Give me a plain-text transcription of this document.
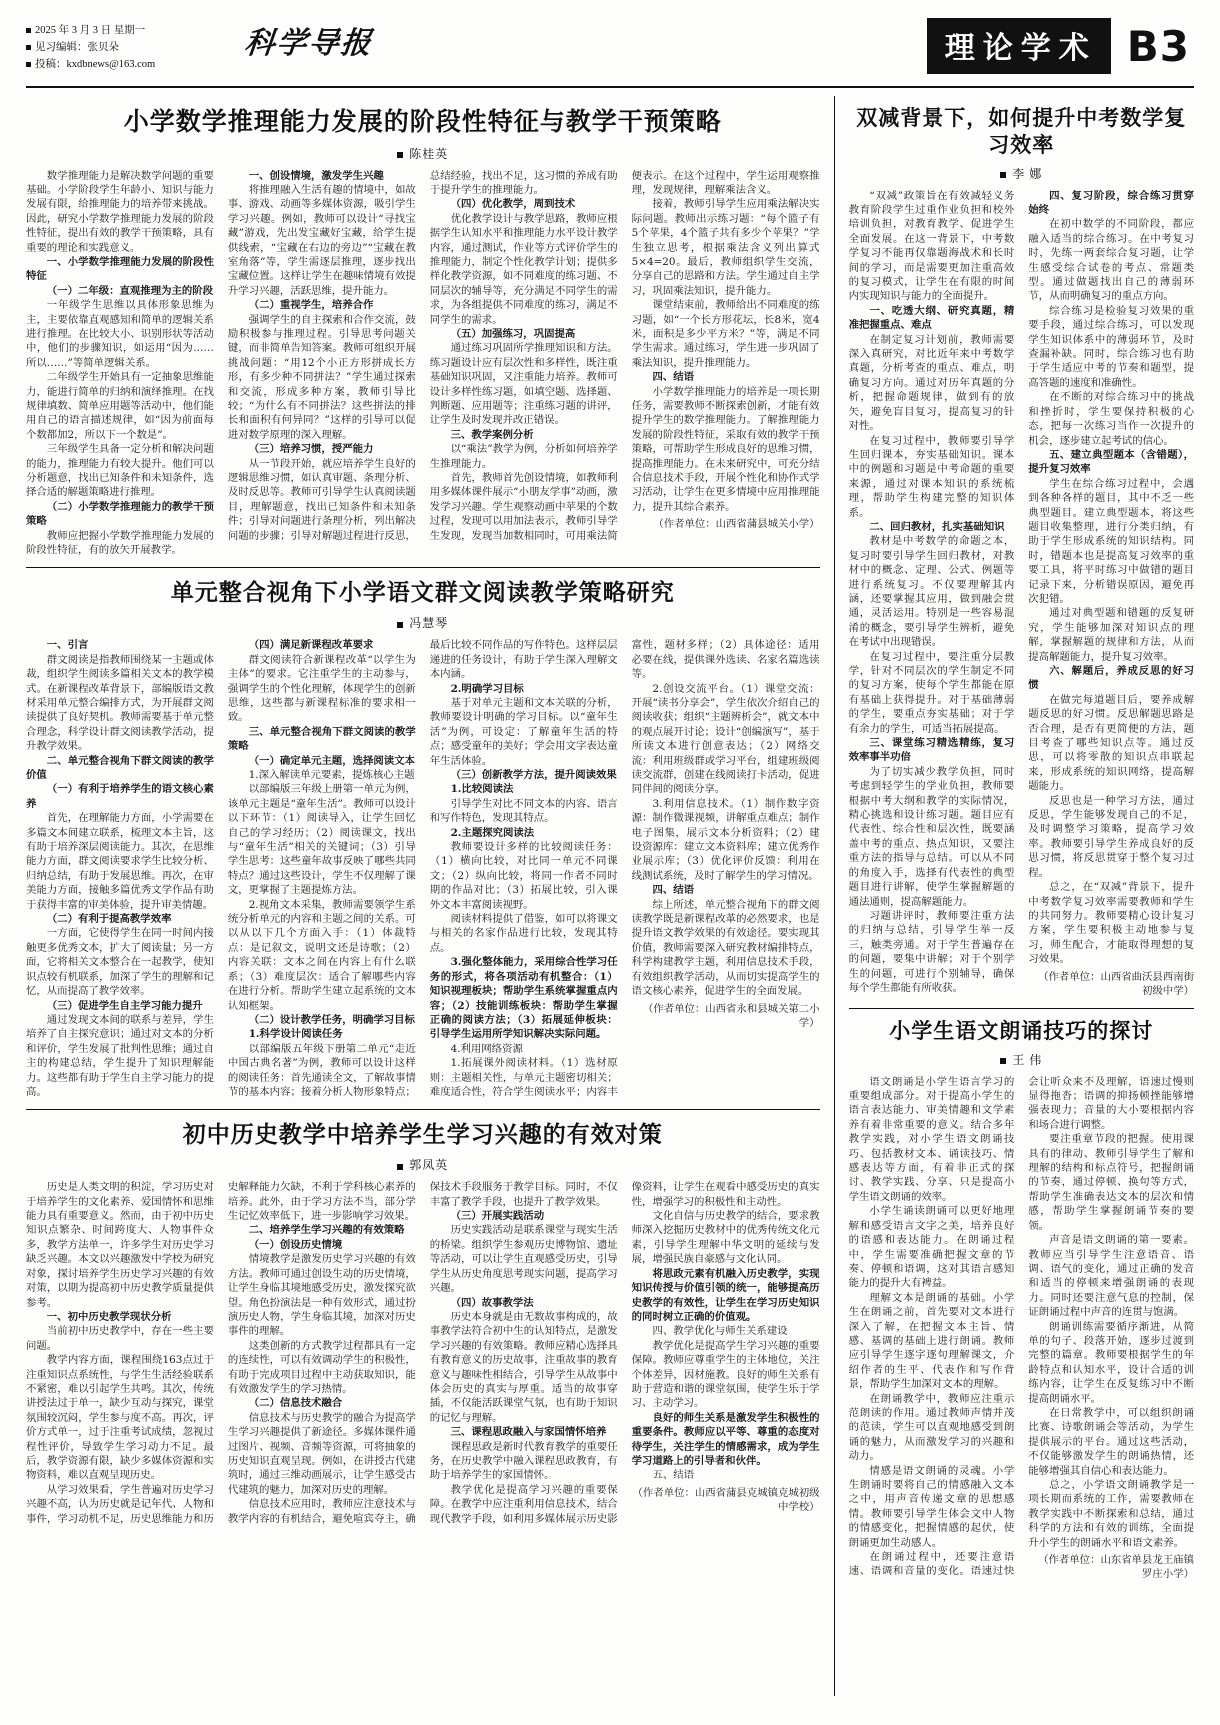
2025 年 3 月 3 日 星期一
见习编辑：张贝朵
投稿：kxdbnews@163.com
科学导报	理论学术 B3
小学数学推理能力发展的阶段性特征与教学干预策略
陈桂英

数学推理能力是解决数学问题的重要基础。小学阶段学生年龄小、知识与能力发展有限，给推理能力的培养带来挑战。因此，研究小学数学推理能力发展的阶段性特征，提出有效的教学干预策略，具有重要的理论和实践意义。

一、小学数学推理能力发展的阶段性特征

（一）二年级：直观推理为主的阶段

一年级学生思维以具体形象思维为主，主要依靠直观感知和简单的逻辑关系进行推理。在比较大小、识别形状等活动中，他们的步骤知识，如运用“因为……所以……”等简单逻辑关系。

二年级学生开始具有一定抽象思维能力，能进行简单的归纳和演绎推理。在找规律填数、简单应用题等活动中，他们能用自己的语言描述规律，如“因为前面每个数都加2，所以下一个数是”。

三年级学生具备一定分析和解决问题的能力，推理能力有较大提升。他们可以分析题意，找出已知条件和未知条件，选择合适的解题策略进行推理。

（二）小学数学推理能力的教学干预策略

教师应把握小学数学推理能力发展的阶段性特征，有的放矢开展教学。

一、创设情境，激发学生兴趣

将推理融入生活有趣的情境中，如故事、游戏、动画等多媒体资源，吸引学生学习兴趣。例如，教师可以设计“寻找宝藏”游戏，先出发宝藏好宝藏，给学生提供线索，“宝藏在右边的旁边”“宝藏在教室角落”等，学生需逐层推理，逐步找出宝藏位置。这样让学生在趣味情境有效提升学习兴趣，活跃思维，提升能力。

（二）重视学生，培养合作

强调学生的自主探索和合作交流，鼓励积极参与推理过程。引导思考问题关键，而非简单告知答案。教师可组织开展挑战问题：“用12个小正方形拼成长方形，有多少种不同拼法？”学生通过探索和交流，形成多种方案，教师引导比较；“为什么有不同拼法？这些拼法的排长和面积有何异同？”这样的引导可以促进对数学原理的深入理解。

（三）培养习惯，授严能力

从一节段开始，就应培养学生良好的逻辑思维习惯，如认真审题、条理分析、及时反思等。教师可引导学生认真阅读题目，理解题意，找出已知条件和未知条件；引导对问题进行条理分析，列出解决问题的步骤；引导对解题过程进行反思，总结经验，找出不足，这习惯的养成有助于提升学生的推理能力。

（四）优化教学，周到技术

优化教学设计与教学思路，教师应根据学生认知水平和推理能力水平设计教学内容，通过测试，作业等方式评价学生的推理能力，制定个性化教学计划；提供多样化教学资源，如不同难度的练习题、不同层次的辅导等，充分满足不同学生的需求，为各组提供不同难度的练习，满足不同学生的需求。

（五）加强练习，巩固提高

通过练习巩固所学推理知识和方法。练习题设计应有层次性和多样性，既注重基础知识巩固，又注重能力培养。教师可设计多样性练习题，如填空题、选择题、判断题、应用题等；注重练习题的讲评，让学生及时发现并改正错误。

三、教学案例分析

以“乘法”教学为例，分析如何培养学生推理能力。

首先，教师首先创设情境，如教师利用多媒体课件展示“小朋友学事”动画，激发学习兴趣。学生观察动画中苹果的个数过程，发现可以用加法表示，教师引导学生发现，发现当加数相同时，可用乘法简便表示。在这个过程中，学生运用观察推理，发现规律，理解乘法含义。

接着，教师引导学生应用乘法解决实际问题。教师出示练习题：“每个篮子有5个苹果，4个篮子共有多少个苹果？”学生独立思考，根据乘法含义列出算式5×4=20。最后，教师组织学生交流，分享自己的思路和方法。学生通过自主学习，巩固乘法知识，提升能力。

课堂结束前，教师给出不同难度的练习题，如“一个长方形花坛，长8米，宽4米，面积是多少平方米？”等，满足不同学生需求。通过练习，学生进一步巩固了乘法知识，提升推理能力。

四、结语

小学数学推理能力的培养是一项长期任务，需要教师不断探索创新，才能有效提升学生的数学推理能力。了解推理能力发展的阶段性特征，采取有效的教学干预策略，可帮助学生形成良好的思维习惯，提高推理能力。在未来研究中，可充分结合信息技术手段，开展个性化和协作式学习活动，让学生在更多情境中应用推理能力，提升其综合素养。

（作者单位：山西省蒲县城关小学）

单元整合视角下小学语文群文阅读教学策略研究
冯慧琴

一、引言

群文阅读是指教师围绕某一主题或体裁，组织学生阅读多篇相关文本的教学模式。在新课程改革背景下，部编版语文教材采用单元整合编排方式，为开展群文阅读提供了良好契机。教师需要基于单元整合理念，科学设计群文阅读教学活动，提升教学效果。

二、单元整合视角下群文阅读的教学价值

（一）有利于培养学生的语文核心素养

首先，在理解能力方面，小学需要在多篇文本间建立联系，梳理文本主旨，这有助于培养深层阅读能力。其次，在思维能力方面，群文阅读要求学生比较分析、归纳总结，有助于发展思维。再次，在审美能力方面，接触多篇优秀文学作品有助于获得丰富的审美体验，提升审美情趣。

（二）有利于提高教学效率

一方面，它使得学生在同一时间内接触更多优秀文本，扩大了阅读量；另一方面，它将相关文本整合在一起教学，使知识点较有机联系，加深了学生的理解和记忆，从而提高了教学效率。

（三）促进学生自主学习能力提升

通过发现文本间的联系与差异，学生培养了自主探究意识；通过对文本的分析和评价，学生发展了批判性思维；通过自主的构建总结，学生提升了知识理解能力。这些都有助于学生自主学习能力的提高。

（四）满足新课程改革要求

群文阅读符合新课程改革“以学生为主体”的要求。它注重学生的主动参与，强调学生的个性化理解，体现学生的创新思维，这些都与新课程标准的要求相一致。

三、单元整合视角下群文阅读的教学策略

（一）确定单元主题，选择阅读文本

1.深入解读单元要素，提炼核心主题

以部编版三年级上册第一单元为例，该单元主题是“童年生活”。教师可以设计以下环节：（1）阅读导入，让学生回忆自己的学习经历；（2）阅读课文，找出与“童年生活”相关的关键词；（3）引导学生思考：这些童年故事反映了哪些共同特点？通过这些设计，学生不仅理解了课文，更掌握了主题提炼方法。

2.视角文本采集，教师需要领学生系统分析单元的内容和主题之间的关系。可以从以下几个方面入手：（1）体裁特点：是记叙文，说明文还是诗歌；（2）内容关联：文本之间在内容上有什么联系；（3）难度层次：适合了解哪些内容在进行分析。帮助学生建立起系统的文本认知框架。

（二）设计教学任务，明确学习目标

1.科学设计阅读任务

以部编版五年级下册第二单元“走近中国古典名著”为例，教师可以设计这样的阅读任务：首先通读全文，了解故事情节的基本内容；接着分析人物形象特点；最后比较不同作品的写作特色。这样层层递进的任务设计，有助于学生深入理解文本内涵。

2.明确学习目标

基于对单元主题和文本关联的分析，教师要设计明确的学习目标。以“童年生活”为例，可设定：了解童年生活的特点；感受童年的美好；学会用文字表达童年生活体验。

（三）创新教学方法，提升阅读效果

1.比较阅读法

引导学生对比不同文本的内容、语言和写作特色，发现其特点。

2.主题探究阅读法

教师要设计多样的比较阅读任务：（1）横向比较，对比同一单元不同课文；（2）纵向比较，将同一作者不同时期的作品对比；（3）拓展比较，引入课外文本丰富阅读视野。

阅读材料提供了借鉴，如可以将课文与相关的名家作品进行比较，发现其特点。

3.强化整体能力，采用综合性学习任务的形式，将各项活动有机整合：（1）知识视理板块；帮助学生系统掌握重点内容；（2）技能训练板块：帮助学生掌握正确的阅读方法；（3）拓展延伸板块：引导学生运用所学知识解决实际问题。

4.利用网络资源

1.拓展课外阅读材料。（1）选材原则：主题相关性，与单元主题密切相关；难度适合性，符合学生阅读水平；内容丰富性，题材多样；（2）具体途径：适用必要在线，提供课外选读、名家名篇选读等。

2.创设交流平台。（1）课堂交流：开展“读书分享会”，学生依次介绍自己的阅读收获；组织“主题辨析会”，就文本中的观点展开讨论；设计“创编演写”，基于所读文本进行创意表达；（2）网络交流：利用班级群或学习平台，组建班级阅读交流群，创建在线阅读打卡活动，促进同伴间的阅读分享。

3.利用信息技术。（1）制作数字资源：制作微课视频，讲解重点难点；制作电子图集，展示文本分析资料；（2）建设资源库：建立文本资料库；建立优秀作业展示库；（3）优化评价反馈：利用在线测试系统，及时了解学生的学习情况。

四、结语

综上所述，单元整合视角下的群文阅读教学既是新课程改革的必然要求，也是提升语文教学效果的有效途径。要实现其价值，教师需要深入研究教材编排特点，科学构建教学主题，利用信息技术手段，有效组织教学活动，从而切实提高学生的语文核心素养，促进学生的全面发展。

（作者单位：山西省永和县城关第二小学）

初中历史教学中培养学生学习兴趣的有效对策
郭凤英

历史是人类文明的积淀，学习历史对于培养学生的文化素养、爱国情怀和思维能力具有重要意义。然而，由于初中历史知识点繁杂、时间跨度大、人物事件众多，教学方法单一，许多学生对历史学习缺乏兴趣。本文以兴趣激发中学校为研究对象，探讨培养学生历史学习兴趣的有效对策，以期为提高初中历史教学质量提供参考。

一、初中历史教学现状分析

当前初中历史教学中，存在一些主要问题。

教学内容方面，课程围绕163点过于注重知识点系统性，与学生生活经验联系不紧密，难以引起学生共鸣。其次，传统讲授法过于单一，缺少互动与探究，课堂氛围较沉闷，学生参与度不高。再次，评价方式单一，过于注重考试成绩，忽视过程性评价，导致学生学习动力不足。最后，教学资源有限，缺少多媒体资源和实物资料，难以直观呈现历史。

从学习效果看，学生普遍对历史学习兴趣不高，认为历史就是记年代、人物和事件，学习动机不足，历史思维能力和历史解释能力欠缺，不利于学科核心素养的培养。此外，由于学习方法不当，部分学生记忆效率低下，进一步影响学习效果。

二、培养学生学习兴趣的有效策略

（一）创设历史情境

情境教学是激发历史学习兴趣的有效方法。教师可通过创设生动的历史情境，让学生身临其境地感受历史，激发探究欲望。角色扮演法是一种有效形式，通过扮演历史人物，学生身临其境，加深对历史事件的理解。

这类创新的方式教学过程都具有一定的连续性，可以有效调动学生的积极性，有助于完成项目过程中主动获取知识，能有效激发学生的学习热情。

（二）信息技术融合

信息技术与历史教学的融合为提高学生学习兴趣提供了新途径。多媒体课件通过图片、视频、音频等资源，可将抽象的历史知识直观呈现。例如，在讲授古代建筑时，通过三维动画展示，让学生感受古代建筑的魅力，加深对历史的理解。

信息技术应用时，教师应注意技术与教学内容的有机结合，避免喧宾夺主，确保技术手段服务于教学目标。同时，不仅丰富了教学手段，也提升了教学效果。

（三）开展实践活动

历史实践活动是联系课堂与现实生活的桥梁。组织学生参观历史博物馆、遗址等活动，可以让学生直观感受历史，引导学生从历史角度思考现实问题，提高学习兴趣。

（四）故事教学法

历史本身就是由无数故事构成的，故事教学法符合初中生的认知特点，是激发学习兴趣的有效策略。教师应精心选择具有教育意义的历史故事，注重故事的教育意义与趣味性相结合，引导学生从故事中体会历史的真实与厚重。适当的故事穿插，不仅能活跃课堂气氛，也有助于知识的记忆与理解。

三、课程思政融入与家国情怀培养

课程思政是新时代教育教学的重要任务，在历史教学中融入课程思政教育，有助于培养学生的家国情怀。

教学优化是提高学习兴趣的重要保障。在教学中应注重利用信息技术，结合现代教学手段，如利用多媒体展示历史影像资料，让学生在观看中感受历史的真实性，增强学习的积极性和主动性。

文化自信与历史教学的结合，要求教师深入挖掘历史教材中的优秀传统文化元素，引导学生理解中华文明的延续与发展，增强民族自豪感与文化认同。

将思政元素有机融入历史教学，实现知识传授与价值引领的统一，能够提高历史教学的有效性，让学生在学习历史知识的同时树立正确的价值观。

四、教学优化与师生关系建设

教学优化是提高学生学习兴趣的重要保障。教师应尊重学生的主体地位，关注个体差异，因材施教。良好的师生关系有助于营造和谐的课堂氛围，使学生乐于学习、主动学习。

良好的师生关系是激发学生积极性的重要条件。教师应以平等、尊重的态度对待学生，关注学生的情感需求，成为学生学习道路上的引导者和伙伴。

五、结语

（作者单位：山西省蒲县克城镇克城初级中学校）

双减背景下，如何提升中考数学复习效率
李 娜

“双减”政策旨在有效减轻义务教育阶段学生过重作业负担和校外培训负担，对教育教学、促进学生全面发展。在这一背景下，中考数学复习不能再仅靠题海战术和长时间的学习，而是需要更加注重高效的复习模式，让学生在有限的时间内实现知识与能力的全面提升。

一、吃透大纲、研究真题，精准把握重点、难点

在制定复习计划前，教师需要深入真研究，对比近年来中考数学真题，分析考查的重点、难点，明确复习方向。通过对历年真题的分析，把握命题规律，做到有的放矢，避免盲目复习，提高复习的针对性。

在复习过程中，教师要引导学生回归课本，夯实基础知识。课本中的例题和习题是中考命题的重要来源，通过对课本知识的系统梳理，帮助学生构建完整的知识体系。

二、回归教材，扎实基础知识

教材是中考数学的命题之本，复习时要引导学生回归教材，对教材中的概念、定理、公式、例题等进行系统复习。不仅要理解其内涵，还要掌握其应用，做到融会贯通，灵活运用。特别是一些容易混淆的概念，要引导学生辨析，避免在考试中出现错误。

在复习过程中，要注重分层教学，针对不同层次的学生制定不同的复习方案，使每个学生都能在原有基础上获得提升。对于基础薄弱的学生，要重点夯实基础；对于学有余力的学生，可适当拓展提高。

三、课堂练习精选精练，复习效率事半功倍

为了切实减少教学负担，同时考虑到轻学生的学业负担，教师要根据中考大纲和教学的实际情况，精心挑选和设计练习题。题目应有代表性、综合性和层次性，既要涵盖中考的重点、热点知识，又要注重方法的指导与总结。可以从不同的角度入手，选择有代表性的典型题目进行讲解，使学生掌握解题的通法通则，提高解题能力。

习题讲评时，教师要注重方法的归纳与总结，引导学生举一反三，触类旁通。对于学生普遍存在的问题，要集中讲解；对于个别学生的问题，可进行个别辅导，确保每个学生都能有所收获。

四、复习阶段，综合练习贯穿始终

在初中数学的不同阶段，都应融入适当的综合练习。在中考复习时，先练一两套综合复习题，让学生感受综合试卷的考点、常题类型。通过做题找出自己的薄弱环节，从而明确复习的重点方向。

综合练习是检验复习效果的重要手段，通过综合练习，可以发现学生知识体系中的薄弱环节，及时查漏补缺。同时，综合练习也有助于学生适应中考的节奏和题型，提高答题的速度和准确性。

在不断的对综合练习中的挑战和挫折时，学生要保持积极的心态，把每一次练习当作一次提升的机会，逐步建立起考试的信心。

五、建立典型题本（含错题），提升复习效率

学生在综合练习过程中，会遇到各种各样的题目，其中不乏一些典型题目。建立典型题本，将这些题目收集整理，进行分类归纳，有助于学生形成系统的知识结构。同时，错题本也是提高复习效率的重要工具，将平时练习中做错的题目记录下来，分析错误原因，避免再次犯错。

通过对典型题和错题的反复研究，学生能够加深对知识点的理解，掌握解题的规律和方法，从而提高解题能力，提升复习效率。

六、解题后，养成反思的好习惯

在做完每道题目后，要养成解题反思的好习惯。反思解题思路是否合理，是否有更简便的方法，题目考查了哪些知识点等。通过反思，可以将零散的知识点串联起来，形成系统的知识网络，提高解题能力。

反思也是一种学习方法，通过反思，学生能够发现自己的不足，及时调整学习策略，提高学习效率。教师要引导学生养成良好的反思习惯，将反思贯穿于整个复习过程。

总之，在“双减”背景下，提升中考数学复习效率需要教师和学生的共同努力。教师要精心设计复习方案，学生要积极主动地参与复习，师生配合，才能取得理想的复习效果。

（作者单位：山西省曲沃县西南街初级中学）

小学生语文朗诵技巧的探讨
王 伟

语文朗诵是小学生语言学习的重要组成部分。对于提高小学生的语言表达能力、审美情趣和文学素养有着非常重要的意义。结合多年教学实践，对小学生语文朗诵技巧、包括教材文本、诵读技巧、情感表达等方面，有着非正式的探讨、教学实践、分享、只是提高小学生语文朗诵的效率。

小学生诵读朗诵可以更好地理解和感受语言文字之美，培养良好的语感和表达能力。在朗诵过程中，学生需要准确把握文章的节奏、停顿和语调，这对其语言感知能力的提升大有裨益。

理解文本是朗诵的基础。小学生在朗诵之前，首先要对文本进行深入了解，在把握文本主旨、情感、基调的基础上进行朗诵。教师应引导学生逐字逐句理解课文，介绍作者的生平、代表作和写作背景，帮助学生加深对文本的理解。

在朗诵教学中，教师应注重示范朗读的作用。通过教师声情并茂的范读，学生可以直观地感受到朗诵的魅力，从而激发学习的兴趣和动力。

情感是语文朗诵的灵魂。小学生朗诵时要将自己的情感融入文本之中，用声音传递文章的思想感情。教师要引导学生体会文中人物的情感变化，把握情感的起伏，使朗诵更加生动感人。

在朗诵过程中，还要注意语速、语调和音量的变化。语速过快会让听众来不及理解，语速过慢则显得拖沓；语调的抑扬顿挫能够增强表现力；音量的大小要根据内容和场合进行调整。

要注重章节段的把握。使用课具有的律动、教师引导学生了解和理解的结构和标点符号，把握朗诵的节奏，通过停顿、换句等方式，帮助学生准确表达文本的层次和情感，帮助学生掌握朗诵节奏的要领。

声音是语文朗诵的第一要素。教师应当引导学生注意语音、语调、语气的变化，通过正确的发音和适当的停顿来增强朗诵的表现力。同时还要注意气息的控制，保证朗诵过程中声音的连贯与饱满。

朗诵训练需要循序渐进，从简单的句子、段落开始，逐步过渡到完整的篇章。教师要根据学生的年龄特点和认知水平，设计合适的训练内容，让学生在反复练习中不断提高朗诵水平。

在日常教学中，可以组织朗诵比赛、诗歌朗诵会等活动，为学生提供展示的平台。通过这些活动，不仅能够激发学生的朗诵热情，还能够增强其自信心和表达能力。

总之，小学语文朗诵教学是一项长期而系统的工作，需要教师在教学实践中不断探索和总结，通过科学的方法和有效的训练，全面提升小学生的朗诵水平和语文素养。

（作者单位：山东省单县龙王庙镇罗庄小学）
